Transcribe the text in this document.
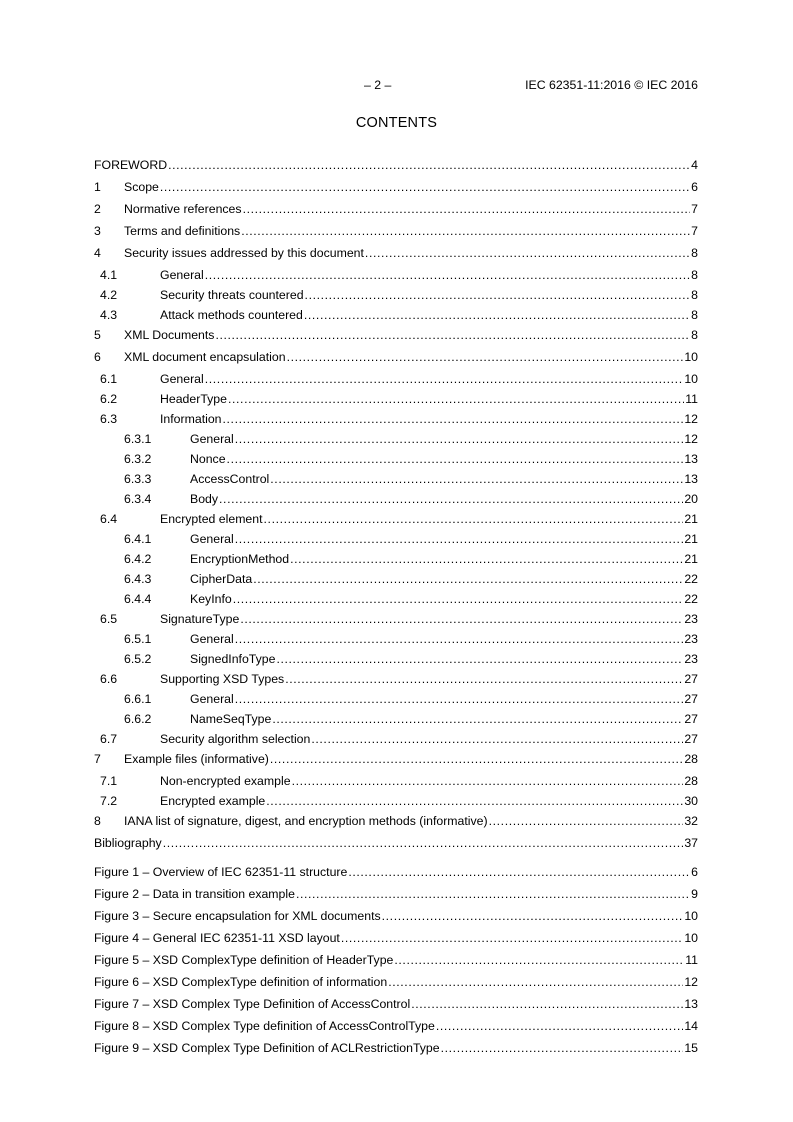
– 2 –	IEC 62351-11:2016 © IEC 2016
CONTENTS
FOREWORD .....	4
1	Scope .....	6
2	Normative references .....	7
3	Terms and definitions .....	7
4	Security issues addressed by this document .....	8
4.1	General .....	8
4.2	Security threats countered .....	8
4.3	Attack methods countered .....	8
5	XML Documents .....	8
6	XML document encapsulation .....	10
6.1	General .....	10
6.2	HeaderType .....	11
6.3	Information .....	12
6.3.1	General .....	12
6.3.2	Nonce .....	13
6.3.3	AccessControl .....	13
6.3.4	Body .....	20
6.4	Encrypted element .....	21
6.4.1	General .....	21
6.4.2	EncryptionMethod .....	21
6.4.3	CipherData .....	22
6.4.4	KeyInfo .....	22
6.5	SignatureType .....	23
6.5.1	General .....	23
6.5.2	SignedInfoType .....	23
6.6	Supporting XSD Types .....	27
6.6.1	General .....	27
6.6.2	NameSeqType .....	27
6.7	Security algorithm selection .....	27
7	Example files (informative) .....	28
7.1	Non-encrypted example .....	28
7.2	Encrypted example .....	30
8	IANA list of signature, digest, and encryption methods (informative) .....	32
Bibliography .....	37
Figure 1 – Overview of IEC 62351-11 structure .....	6
Figure 2 – Data in transition example .....	9
Figure 3 – Secure encapsulation for XML documents .....	10
Figure 4 – General IEC 62351-11 XSD layout .....	10
Figure 5 – XSD ComplexType definition of HeaderType .....	11
Figure 6 – XSD ComplexType definition of information .....	12
Figure 7 – XSD Complex Type Definition of AccessControl .....	13
Figure 8 – XSD Complex Type definition of AccessControlType .....	14
Figure 9 – XSD Complex Type Definition of ACLRestrictionType .....	15
